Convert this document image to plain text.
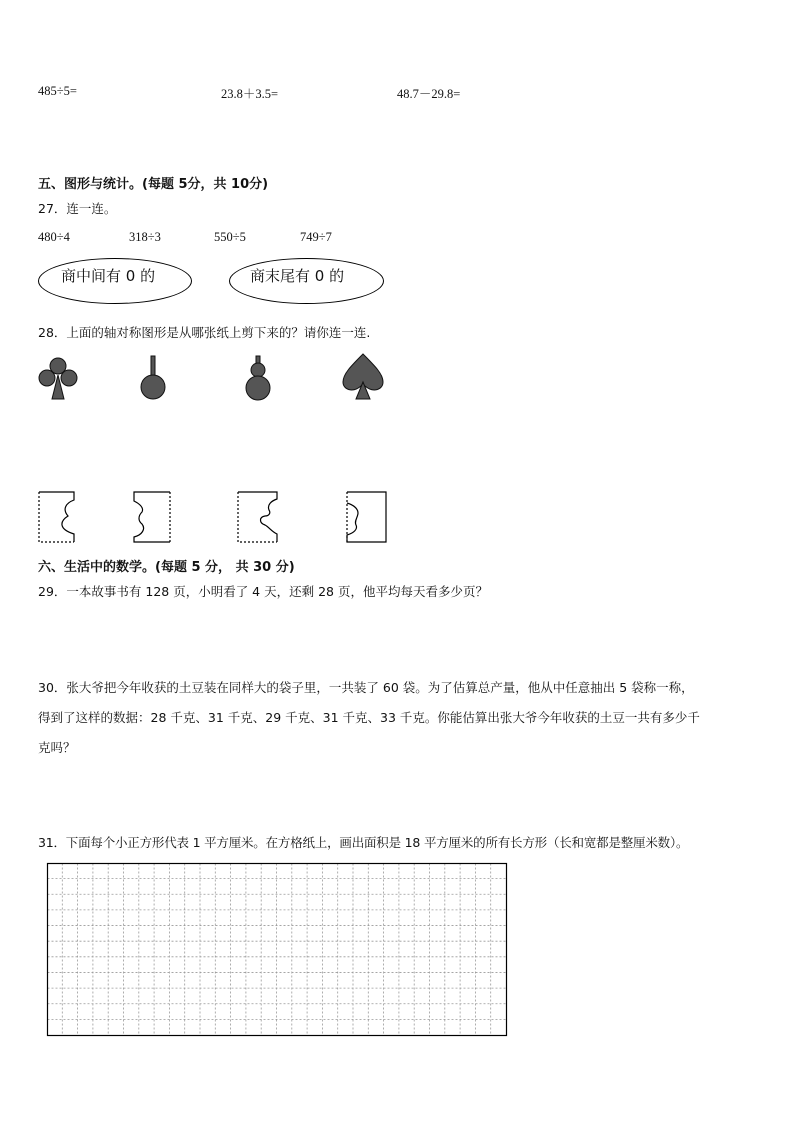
485÷5=	23.8＋3.5=	48.7－29.8=
五、图形与统计。(每题 5分，共 10分)
27．连一连。
480÷4	318÷3	550÷5	749÷7
商中间有 0 的	商末尾有 0 的
28．上面的轴对称图形是从哪张纸上剪下来的？请你连一连.
六、生活中的数学。(每题 5 分， 共 30 分)
29．一本故事书有 128 页，小明看了 4 天，还剩 28 页，他平均每天看多少页？
30．张大爷把今年收获的土豆装在同样大的袋子里，一共装了 60 袋。为了估算总产量，他从中任意抽出 5 袋称一称，
得到了这样的数据：28 千克、31 千克、29 千克、31 千克、33 千克。你能估算出张大爷今年收获的土豆一共有多少千
克吗？
31．下面每个小正方形代表 1 平方厘米。在方格纸上，画出面积是 18 平方厘米的所有长方形（长和宽都是整厘米数）。
